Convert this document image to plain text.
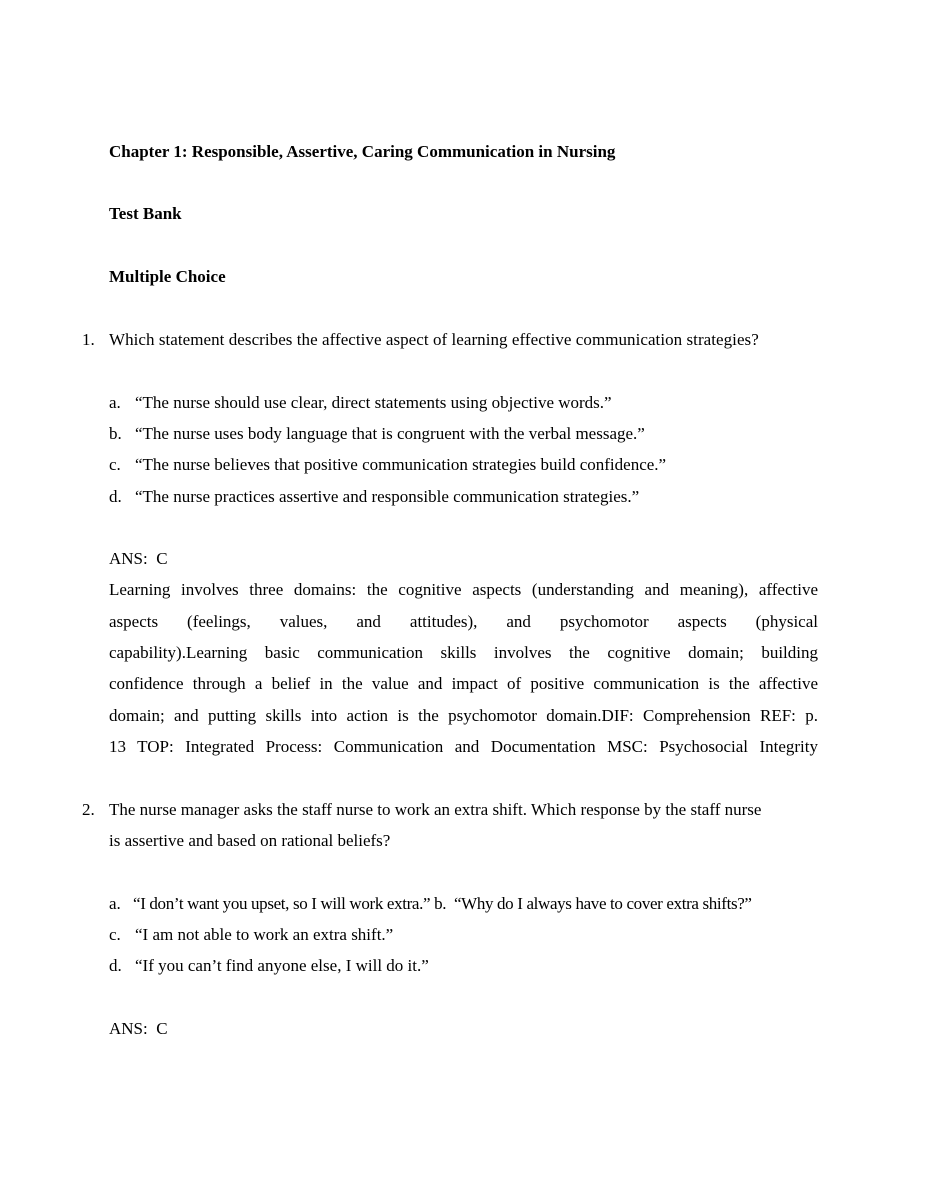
Chapter 1: Responsible, Assertive, Caring Communication in Nursing
Test Bank
Multiple Choice
1. Which statement describes the affective aspect of learning effective communication strategies?
a. “The nurse should use clear, direct statements using objective words.”
b. “The nurse uses body language that is congruent with the verbal message.”
c. “The nurse believes that positive communication strategies build confidence.”
d. “The nurse practices assertive and responsible communication strategies.”
ANS:  C
Learning involves three domains: the cognitive aspects (understanding and meaning), affective
aspects (feelings, values, and attitudes), and psychomotor aspects (physical
capability).Learning basic communication skills involves the cognitive domain; building
confidence through a belief in the value and impact of positive communication is the affective
domain; and putting skills into action is the psychomotor domain.DIF: Comprehension REF: p.
13 TOP: Integrated Process: Communication and Documentation MSC: Psychosocial Integrity
2. The nurse manager asks the staff nurse to work an extra shift. Which response by the staff nurse
is assertive and based on rational beliefs?
a. “I don’t want you upset, so I will work extra.” b.  “Why do I always have to cover extra shifts?”
c. “I am not able to work an extra shift.”
d. “If you can’t find anyone else, I will do it.”
ANS:  C
